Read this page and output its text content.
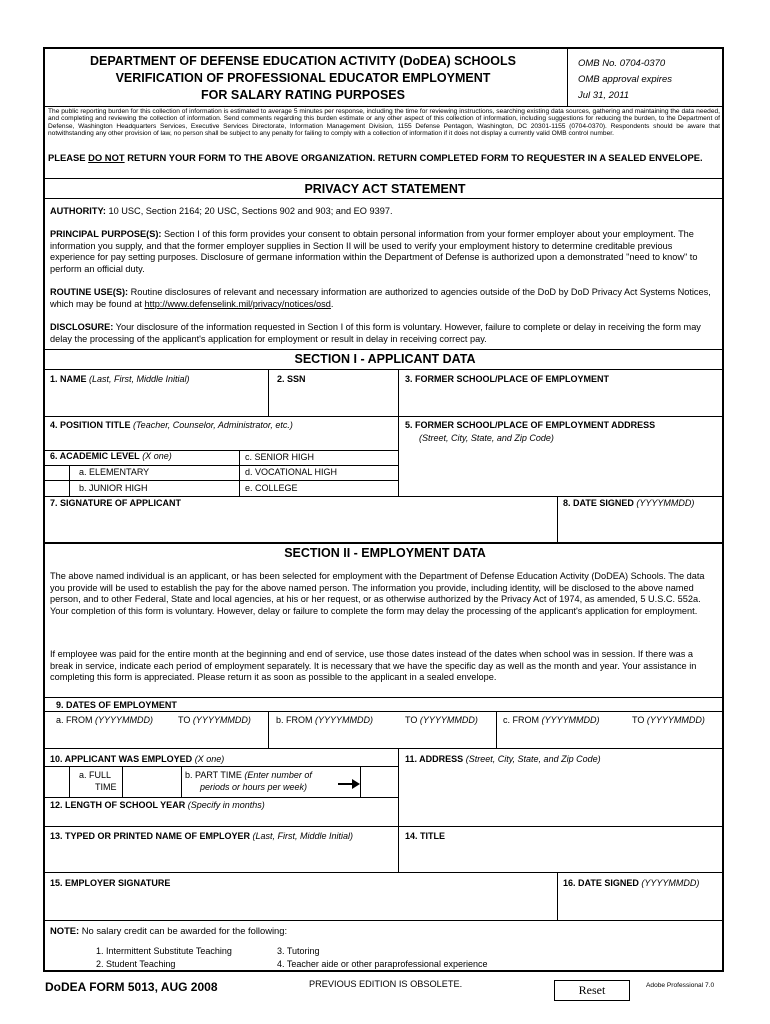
DEPARTMENT OF DEFENSE EDUCATION ACTIVITY (DoDEA) SCHOOLS
VERIFICATION OF PROFESSIONAL EDUCATOR EMPLOYMENT
FOR SALARY RATING PURPOSES
OMB No. 0704-0370
OMB approval expires
Jul 31, 2011
The public reporting burden for this collection of information is estimated to average 5 minutes per response, including the time for reviewing instructions, searching existing data sources, gathering and maintaining the data needed, and completing and reviewing the collection of information. Send comments regarding this burden estimate or any other aspect of this collection of information, including suggestions for reducing the burden, to the Department of Defense, Washington Headquarters Services, Executive Services Directorate, Information Management Division, 1155 Defense Pentagon, Washington, DC 20301-1155 (0704-0370). Respondents should be aware that notwithstanding any other provision of law, no person shall be subject to any penalty for failing to comply with a collection of information if it does not display a currently valid OMB control number.
PLEASE DO NOT RETURN YOUR FORM TO THE ABOVE ORGANIZATION. RETURN COMPLETED FORM TO REQUESTER IN A SEALED ENVELOPE.
PRIVACY ACT STATEMENT
AUTHORITY: 10 USC, Section 2164; 20 USC, Sections 902 and 903; and EO 9397.
PRINCIPAL PURPOSE(S): Section I of this form provides your consent to obtain personal information from your former employer about your employment. The information you supply, and that the former employer supplies in Section II will be used to verify your employment history to determine creditable previous experience for pay setting purposes. Disclosure of germane information within the Department of Defense is authorized upon a demonstrated "need to know" to perform an official duty.
ROUTINE USE(S): Routine disclosures of relevant and necessary information are authorized to agencies outside of the DoD by DoD Privacy Act Systems Notices, which may be found at http://www.defenselink.mil/privacy/notices/osd.
DISCLOSURE: Your disclosure of the information requested in Section I of this form is voluntary. However, failure to complete or delay in receiving the form may delay the processing of the applicant's application for employment or result in delay in receiving correct pay.
SECTION I - APPLICANT DATA
1. NAME (Last, First, Middle Initial)	2. SSN	3. FORMER SCHOOL/PLACE OF EMPLOYMENT
4. POSITION TITLE (Teacher, Counselor, Administrator, etc.)	5. FORMER SCHOOL/PLACE OF EMPLOYMENT ADDRESS
(Street, City, State, and Zip Code)
6. ACADEMIC LEVEL (X one)	c. SENIOR HIGH
a. ELEMENTARY	d. VOCATIONAL HIGH
b. JUNIOR HIGH	e. COLLEGE
7. SIGNATURE OF APPLICANT	8. DATE SIGNED (YYYYMMDD)
SECTION II - EMPLOYMENT DATA
The above named individual is an applicant, or has been selected for employment with the Department of Defense Education Activity (DoDEA) Schools. The data you provide will be used to establish the pay for the above named person. The information you provide, including identity, will be disclosed to the above named person, and to other Federal, State and local agencies, at his or her request, or as otherwise authorized by the Privacy Act of 1974, as amended, 5 U.S.C. 552a. Your completion of this form is voluntary. However, delay or failure to complete the form may delay the processing of the applicant's application for employment.
If employee was paid for the entire month at the beginning and end of service, use those dates instead of the dates when school was in session. If there was a break in service, indicate each period of employment separately. It is necessary that we have the specific day as well as the month and year. Your assistance in completing this form is appreciated. Please return it as soon as possible to the applicant in a sealed envelope.
9. DATES OF EMPLOYMENT
a. FROM (YYYYMMDD)	TO (YYYYMMDD)	b. FROM (YYYYMMDD)	TO (YYYYMMDD)	c. FROM (YYYYMMDD)	TO (YYYYMMDD)
10. APPLICANT WAS EMPLOYED (X one)	11. ADDRESS (Street, City, State, and Zip Code)
a. FULL
TIME
b. PART TIME (Enter number of
periods or hours per week)
12. LENGTH OF SCHOOL YEAR (Specify in months)
13. TYPED OR PRINTED NAME OF EMPLOYER (Last, First, Middle Initial)	14. TITLE
15. EMPLOYER SIGNATURE	16. DATE SIGNED (YYYYMMDD)
NOTE: No salary credit can be awarded for the following:
1. Intermittent Substitute Teaching
2. Student Teaching
3. Tutoring
4. Teacher aide or other paraprofessional experience
DoDEA FORM 5013, AUG 2008	PREVIOUS EDITION IS OBSOLETE.	Reset	Adobe Professional 7.0
